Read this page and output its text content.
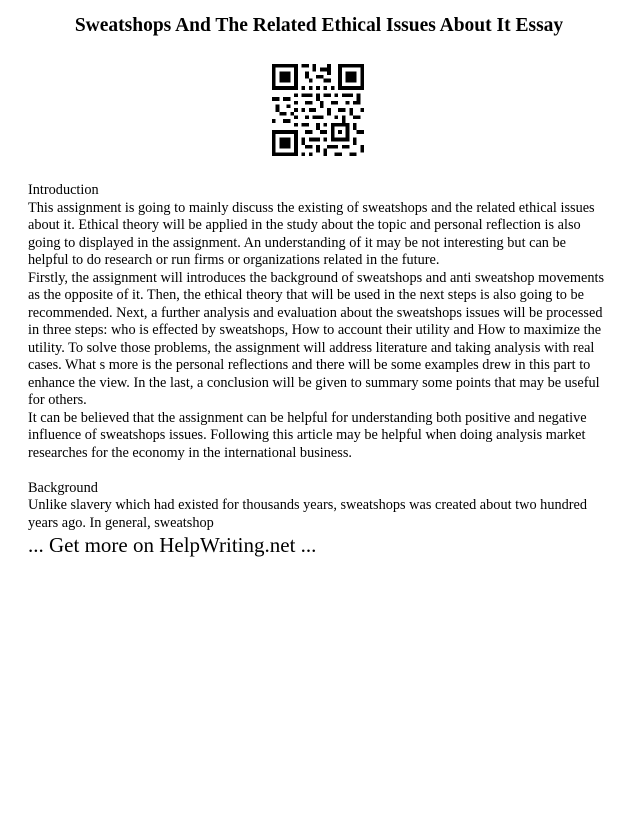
Sweatshops And The Related Ethical Issues About It Essay

Introduction

This assignment is going to mainly discuss the existing of sweatshops and the related ethical issues about it. Ethical theory will be applied in the study about the topic and personal reflection is also going to displayed in the assignment. An understanding of it may be not interesting but can be helpful to do research or run firms or organizations related in the future.

Firstly, the assignment will introduces the background of sweatshops and anti sweatshop movements as the opposite of it. Then, the ethical theory that will be used in the next steps is also going to be recommended. Next, a further analysis and evaluation about the sweatshops issues will be processed in three steps: who is effected by sweatshops, How to account their utility and How to maximize the utility. To solve those problems, the assignment will address literature and taking analysis with real cases. What s more is the personal reflections and there will be some examples drew in this part to enhance the view. In the last, a conclusion will be given to summary some points that may be useful for others.

It can be believed that the assignment can be helpful for understanding both positive and negative influence of sweatshops issues. Following this article may be helpful when doing analysis market researches for the economy in the international business.

Background

Unlike slavery which had existed for thousands years, sweatshops was created about two hundred years ago. In general, sweatshop

... Get more on HelpWriting.net ...
